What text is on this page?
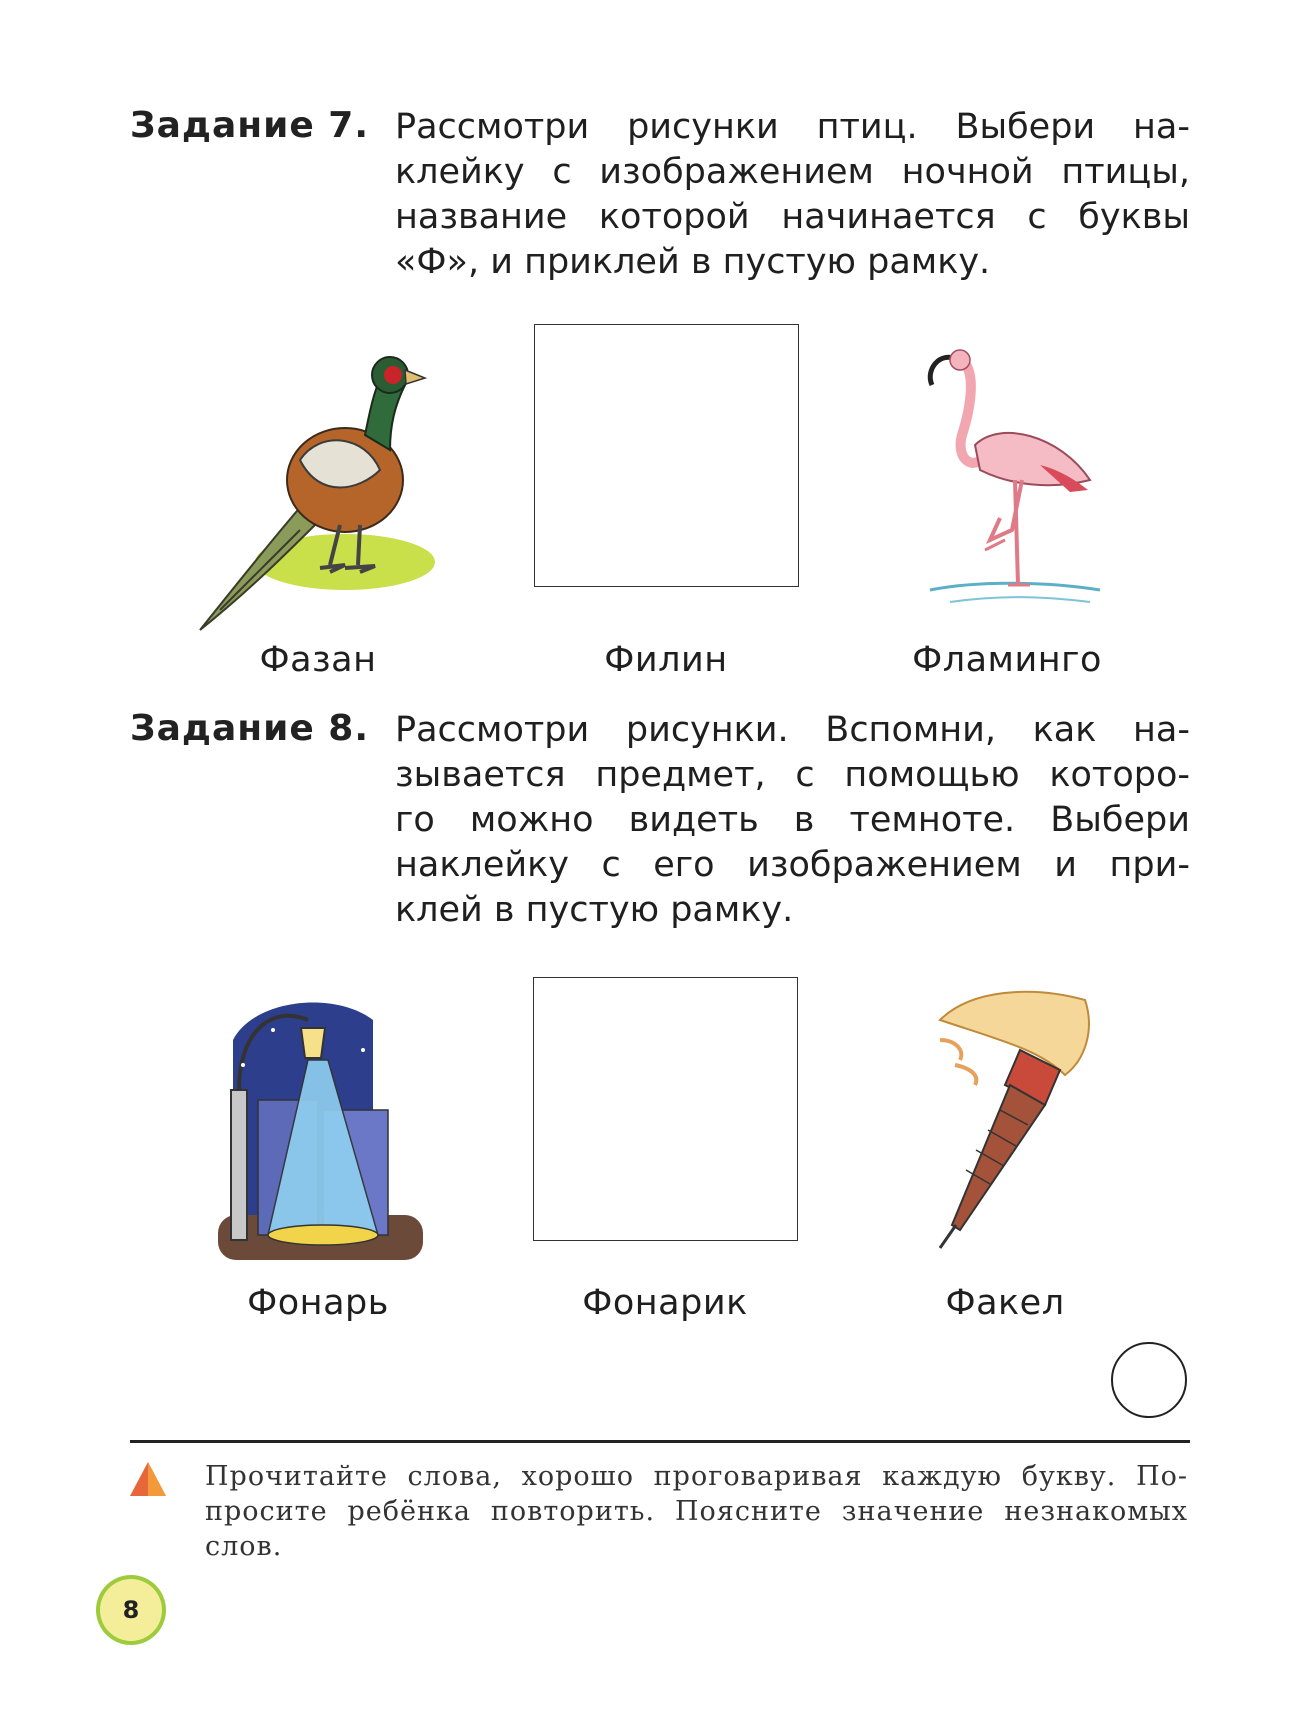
Задание 7. Рассмотри рисунки птиц. Выбери на-
клейку с изображением ночной птицы,
название которой начинается с буквы
«Ф», и приклей в пустую рамку.
Фазан	Филин	Фламинго
Задание 8. Рассмотри рисунки. Вспомни, как на-
зывается предмет, с помощью которо-
го можно видеть в темноте. Выбери
наклейку с его изображением и при-
клей в пустую рамку.
Фонарь	Фонарик	Факел
Прочитайте слова, хорошо проговаривая каждую букву. По-
просите ребёнка повторить. Поясните значение незнакомых
слов.
8
